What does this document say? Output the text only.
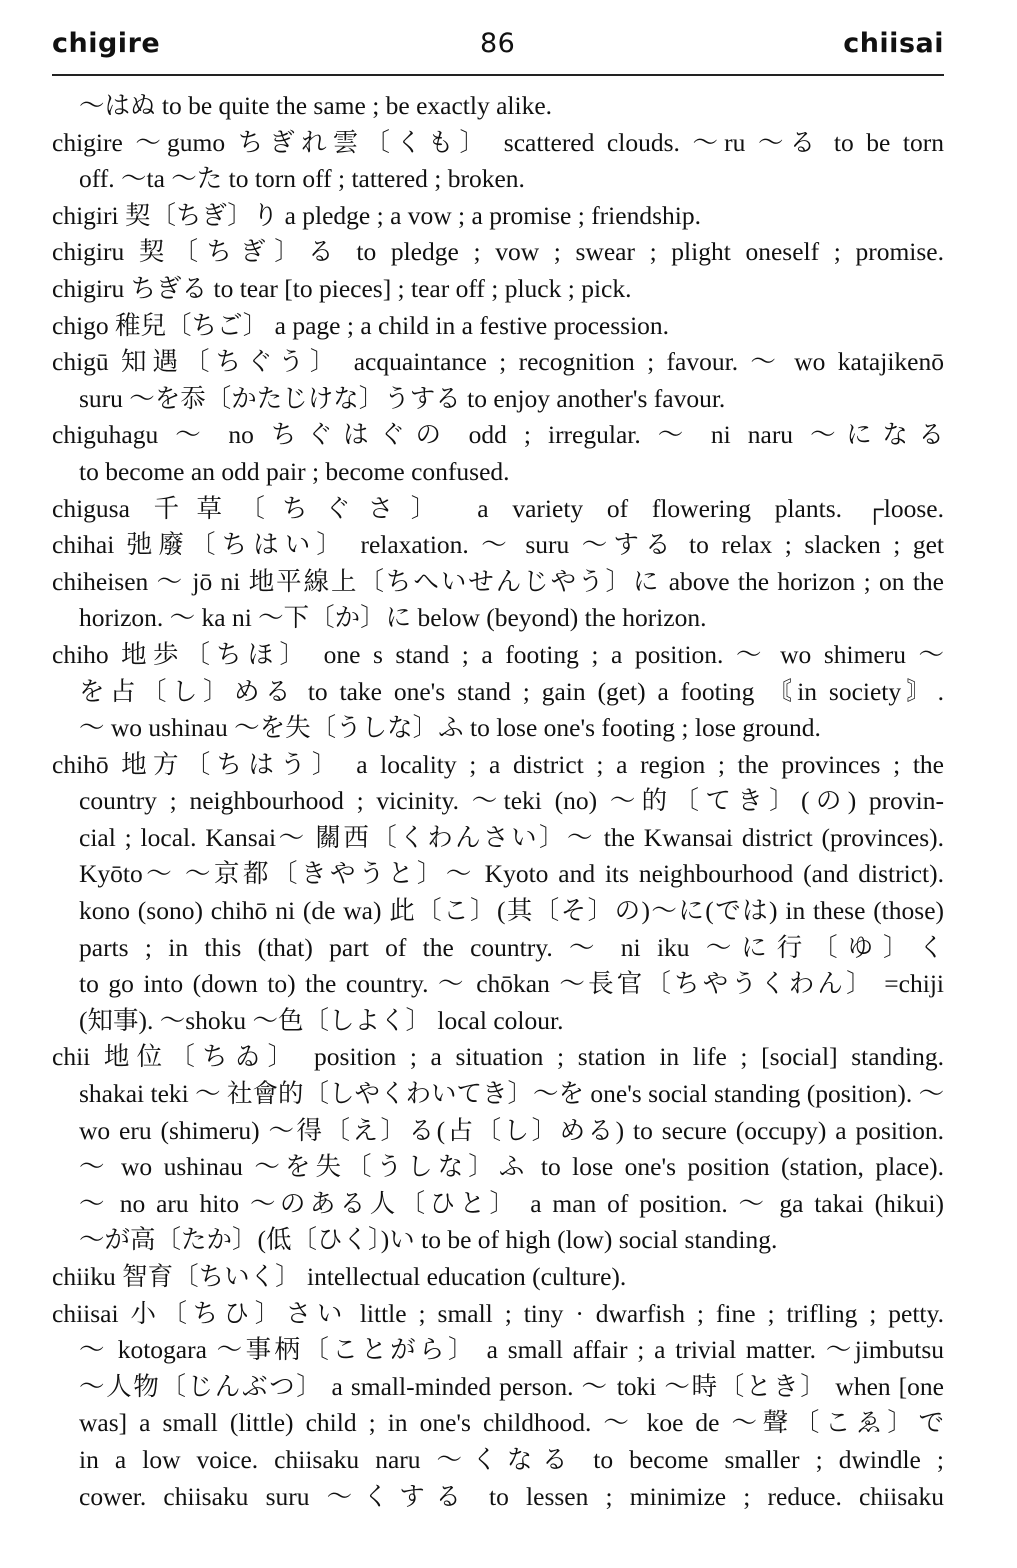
chigire	86	chiisai
～はぬ to be quite the same ; be exactly alike.
chigire ～gumo ちぎれ雲〔くも〕 scattered clouds. ～ru ～る to be torn
off. ～ta ～た to torn off ; tattered ; broken.
chigiri 契〔ちぎ〕り a pledge ; a vow ; a promise ; friendship.
chigiru 契〔ちぎ〕る to pledge ; vow ; swear ; plight oneself ; promise.
chigiru ちぎる to tear [to pieces] ; tear off ; pluck ; pick.
chigo 稚兒〔ちご〕 a page ; a child in a festive procession.
chigū 知遇〔ちぐう〕 acquaintance ; recognition ; favour. ～ wo katajikenō
suru ～を忝〔かたじけな〕うする to enjoy another's favour.
chiguhagu ～ no ちぐはぐの odd ; irregular. ～ ni naru ～になる
to become an odd pair ; become confused.
chigusa 千草〔ちぐさ〕 a variety of flowering plants. ┌loose.
chihai 弛廢〔ちはい〕 relaxation. ～ suru ～する to relax ; slacken ; get
chiheisen ～ jō ni 地平線上〔ちへいせんじやう〕に above the horizon ; on the
horizon. ～ ka ni ～下〔か〕に below (beyond) the horizon.
chiho 地歩〔ちほ〕 one s stand ; a footing ; a position. ～ wo shimeru ～
を占〔し〕める to take one's stand ; gain (get) a footing 〘in society〙.
～ wo ushinau ～を失〔うしな〕ふ to lose one's footing ; lose ground.
chihō 地方〔ちはう〕 a locality ; a district ; a region ; the provinces ; the
country ; neighbourhood ; vicinity. ～teki (no) ～的〔てき〕(の) provin-
cial ; local. Kansai～ 關西〔くわんさい〕～ the Kwansai district (provinces).
Kyōto～ ～京都〔きやうと〕～ Kyoto and its neighbourhood (and district).
kono (sono) chihō ni (de wa) 此〔こ〕(其〔そ〕の)～に(では) in these (those)
parts ; in this (that) part of the country. ～ ni iku ～に行〔ゆ〕く
to go into (down to) the country. ～ chōkan ～長官〔ちやうくわん〕 =chiji
(知事). ～shoku ～色〔しよく〕 local colour.
chii 地位〔ちゐ〕 position ; a situation ; station in life ; [social] standing.
shakai teki ～ 社會的〔しやくわいてき〕～を one's social standing (position). ～
wo eru (shimeru) ～得〔え〕る(占〔し〕める) to secure (occupy) a position.
～ wo ushinau ～を失〔うしな〕ふ to lose one's position (station, place).
～ no aru hito ～のある人〔ひと〕 a man of position. ～ ga takai (hikui)
～が高〔たか〕(低〔ひく〕)い to be of high (low) social standing.
chiiku 智育〔ちいく〕 intellectual education (culture).
chiisai 小〔ちひ〕さい little ; small ; tiny · dwarfish ; fine ; trifling ; petty.
～ kotogara ～事柄〔ことがら〕 a small affair ; a trivial matter. ～jimbutsu
～人物〔じんぶつ〕 a small-minded person. ～ toki ～時〔とき〕 when [one
was] a small (little) child ; in one's childhood. ～ koe de ～聲〔こゑ〕で
in a low voice. chiisaku naru ～くなる to become smaller ; dwindle ;
cower. chiisaku suru ～くする to lessen ; minimize ; reduce. chiisaku
